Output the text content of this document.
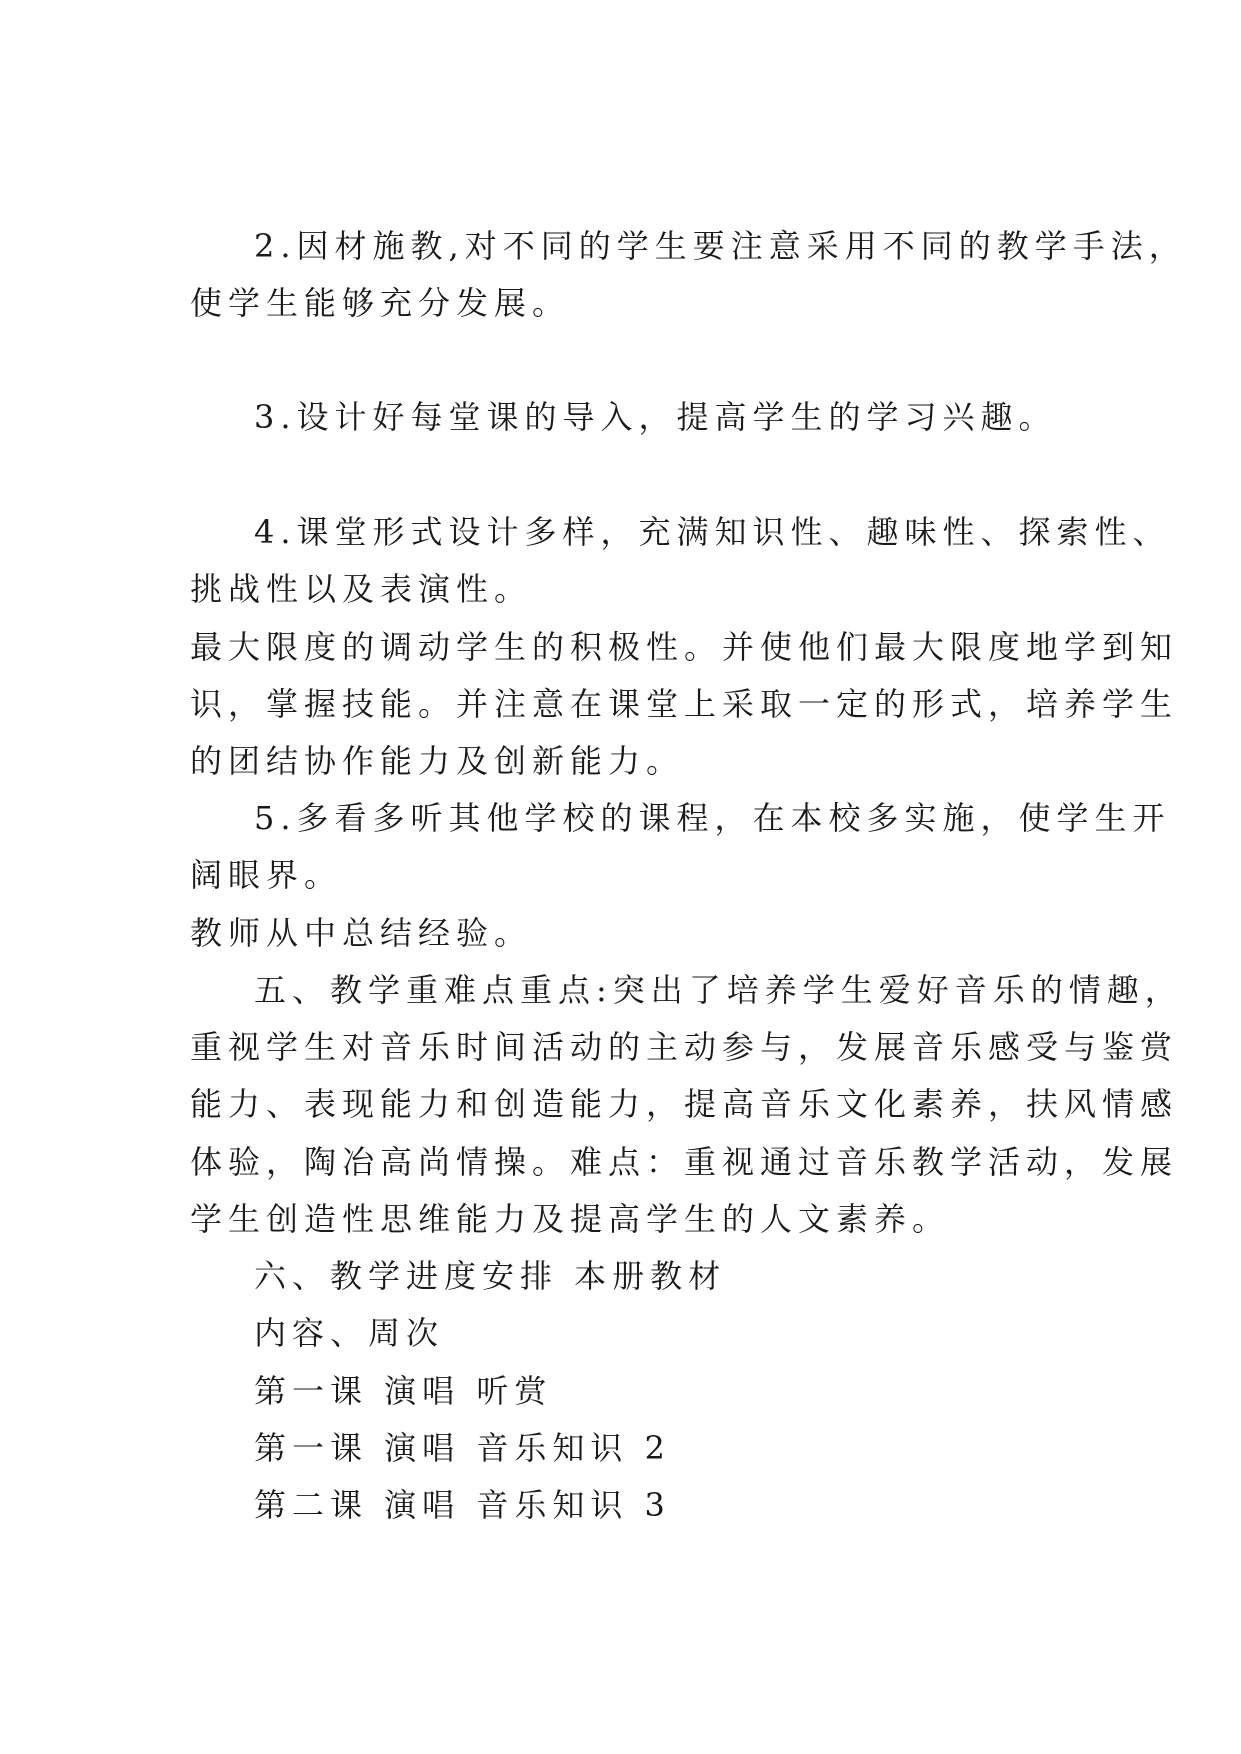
2.因材施教,对不同的学生要注意采用不同的教学手法，
使学生能够充分发展。
3.设计好每堂课的导入，提高学生的学习兴趣。
4.课堂形式设计多样，充满知识性、趣味性、探索性、
挑战性以及表演性。
最大限度的调动学生的积极性。并使他们最大限度地学到知
识，掌握技能。并注意在课堂上采取一定的形式，培养学生
的团结协作能力及创新能力。
5.多看多听其他学校的课程，在本校多实施，使学生开
阔眼界。
教师从中总结经验。
五、教学重难点重点:突出了培养学生爱好音乐的情趣，
重视学生对音乐时间活动的主动参与，发展音乐感受与鉴赏
能力、表现能力和创造能力，提高音乐文化素养，扶风情感
体验，陶冶高尚情操。难点：重视通过音乐教学活动，发展
学生创造性思维能力及提高学生的人文素养。
六、教学进度安排 本册教材
内容、周次
第一课 演唱 听赏
第一课 演唱 音乐知识 2
第二课 演唱 音乐知识 3
